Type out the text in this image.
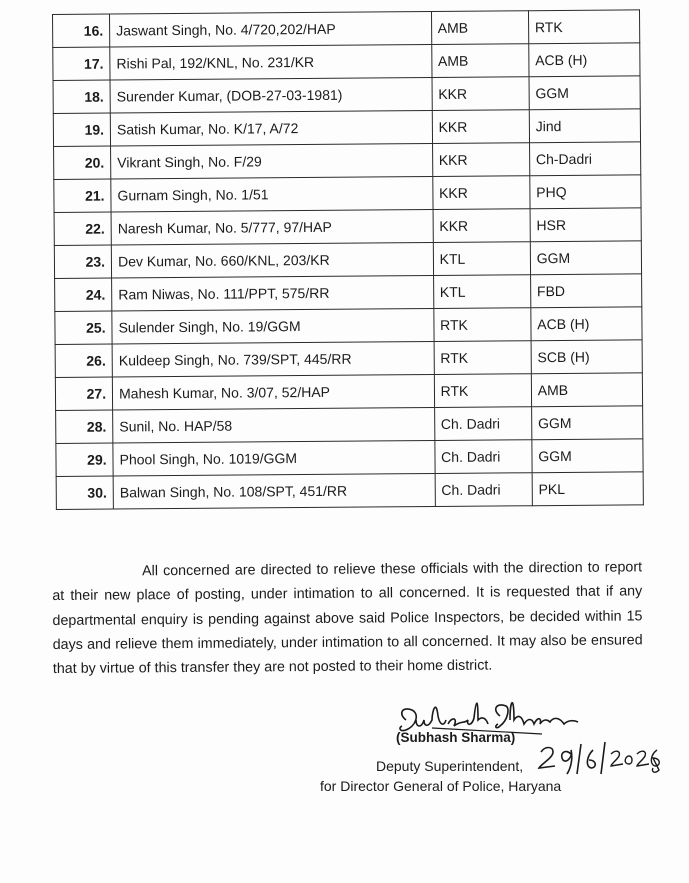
16.	Jaswant Singh, No. 4/720,202/HAP	AMB	RTK
17.	Rishi Pal, 192/KNL, No. 231/KR	AMB	ACB (H)
18.	Surender Kumar, (DOB-27-03-1981)	KKR	GGM
19.	Satish Kumar, No. K/17, A/72	KKR	Jind
20.	Vikrant Singh, No. F/29	KKR	Ch-Dadri
21.	Gurnam Singh, No. 1/51	KKR	PHQ
22.	Naresh Kumar, No. 5/777, 97/HAP	KKR	HSR
23.	Dev Kumar, No. 660/KNL, 203/KR	KTL	GGM
24.	Ram Niwas, No. 111/PPT, 575/RR	KTL	FBD
25.	Sulender Singh, No. 19/GGM	RTK	ACB (H)
26.	Kuldeep Singh, No. 739/SPT, 445/RR	RTK	SCB (H)
27.	Mahesh Kumar, No. 3/07, 52/HAP	RTK	AMB
28.	Sunil, No. HAP/58	Ch. Dadri	GGM
29.	Phool Singh, No. 1019/GGM	Ch. Dadri	GGM
30.	Balwan Singh, No. 108/SPT, 451/RR	Ch. Dadri	PKL

All concerned are directed to relieve these officials with the direction to report at their new place of posting, under intimation to all concerned. It is requested that if any departmental enquiry is pending against above said Police Inspectors, be decided within 15 days and relieve them immediately, under intimation to all concerned. It may also be ensured that by virtue of this transfer they are not posted to their home district.

(Subhash Sharma)
Deputy Superintendent,
for Director General of Police, Haryana
